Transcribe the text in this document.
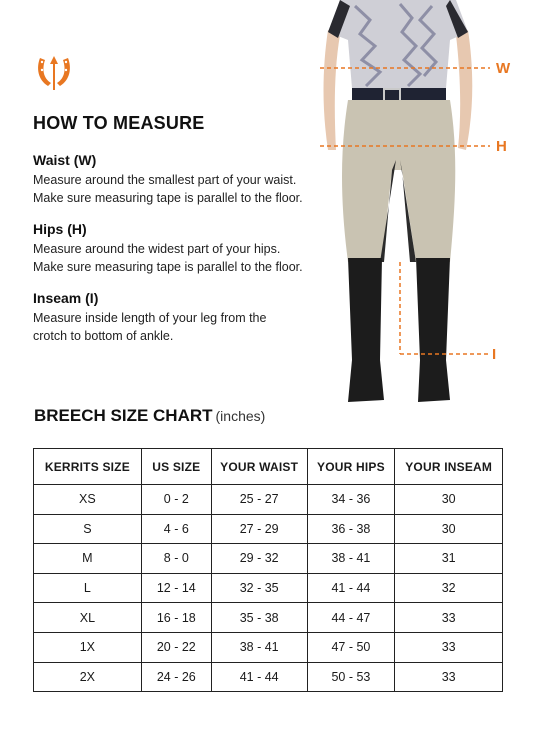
HOW TO MEASURE
Waist (W)
Measure around the smallest part of your waist.
Make sure measuring tape is parallel to the floor.
Hips (H)
Measure around the widest part of your hips.
Make sure measuring tape is parallel to the floor.
Inseam (I)
Measure inside length of your leg from the
crotch to bottom of ankle.
W
H
I
BREECH SIZE CHART (inches)
KERRITS SIZE	US SIZE	YOUR WAIST	YOUR HIPS	YOUR INSEAM
XS	0 - 2	25 - 27	34 - 36	30
S	4 - 6	27 - 29	36 - 38	30
M	8 - 0	29 - 32	38 - 41	31
L	12 - 14	32 - 35	41 - 44	32
XL	16 - 18	35 - 38	44 - 47	33
1X	20 - 22	38 - 41	47 - 50	33
2X	24 - 26	41 - 44	50 - 53	33
